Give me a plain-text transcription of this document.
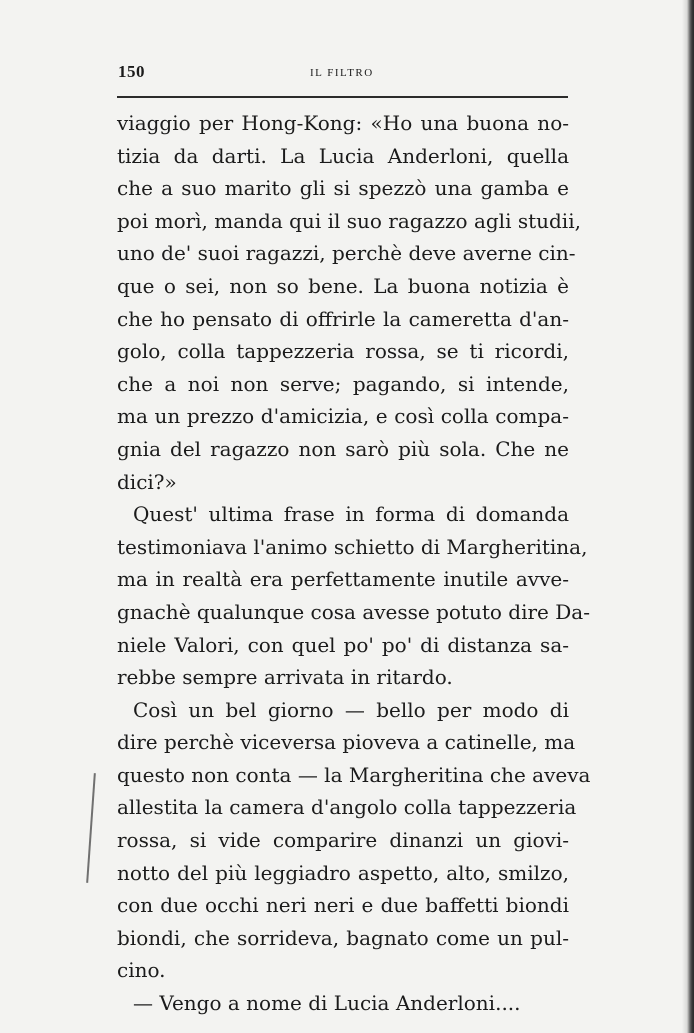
150	IL FILTRO
viaggio per Hong-Kong: «Ho una buona no-
tizia da darti. La Lucia Anderloni, quella
che a suo marito gli si spezzò una gamba e
poi morì, manda qui il suo ragazzo agli studii,
uno de' suoi ragazzi, perchè deve averne cin-
que o sei, non so bene. La buona notizia è
che ho pensato di offrirle la cameretta d'an-
golo, colla tappezzeria rossa, se ti ricordi,
che a noi non serve; pagando, si intende,
ma un prezzo d'amicizia, e così colla compa-
gnia del ragazzo non sarò più sola. Che ne
dici?»
Quest' ultima frase in forma di domanda
testimoniava l'animo schietto di Margheritina,
ma in realtà era perfettamente inutile avve-
gnachè qualunque cosa avesse potuto dire Da-
niele Valori, con quel po' po' di distanza sa-
rebbe sempre arrivata in ritardo.
Così un bel giorno — bello per modo di
dire perchè viceversa pioveva a catinelle, ma
questo non conta — la Margheritina che aveva
allestita la camera d'angolo colla tappezzeria
rossa, si vide comparire dinanzi un giovi-
notto del più leggiadro aspetto, alto, smilzo,
con due occhi neri neri e due baffetti biondi
biondi, che sorrideva, bagnato come un pul-
cino.
— Vengo a nome di Lucia Anderloni....
